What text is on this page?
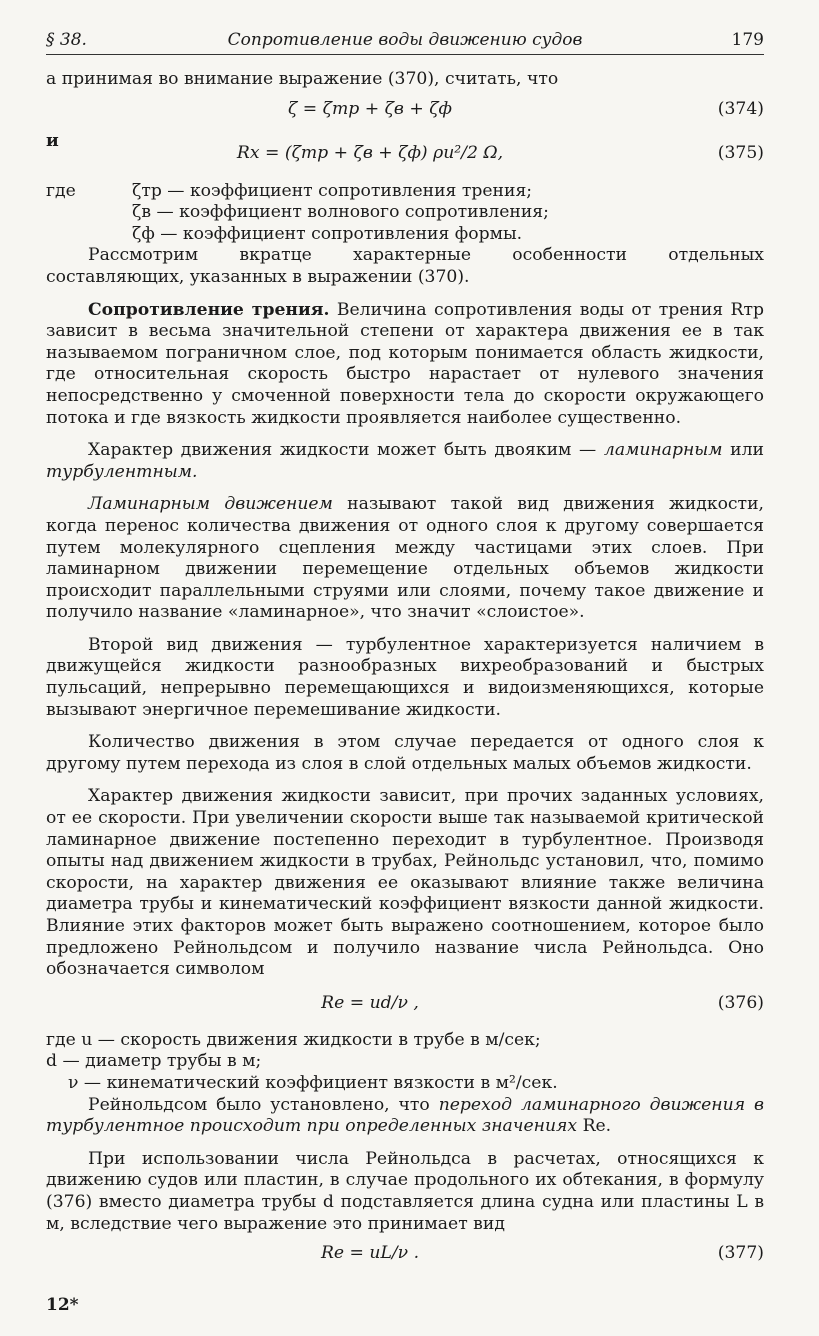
§ 38.	Сопротивление воды движению судов	179

а принимая во внимание выражение (370), считать, что

ζ = ζтр + ζв + ζф	(374)
и
Rx = (ζтр + ζв + ζф) ρu²/2 Ω,	(375)
где	ζтр — коэффициент сопротивления трения;
ζв — коэффициент волнового сопротивления;
ζф — коэффициент сопротивления формы.

Рассмотрим вкратце характерные особенности отдельных составляющих, указанных в выражении (370).

Сопротивление трения. Величина сопротивления воды от трения Rтр зависит в весьма значительной степени от характера движения ее в так называемом пограничном слое, под которым понимается область жидкости, где относительная скорость быстро нарастает от нулевого значения непосредственно у смоченной поверхности тела до скорости окружающего потока и где вязкость жидкости проявляется наиболее существенно.

Характер движения жидкости может быть двояким — ламинарным или турбулентным.

Ламинарным движением называют такой вид движения жидкости, когда перенос количества движения от одного слоя к другому совершается путем молекулярного сцепления между частицами этих слоев. При ламинарном движении перемещение отдельных объемов жидкости происходит параллельными струями или слоями, почему такое движение и получило название «ламинарное», что значит «слоистое».

Второй вид движения — турбулентное характеризуется наличием в движущейся жидкости разнообразных вихреобразований и быстрых пульсаций, непрерывно перемещающихся и видоизменяющихся, которые вызывают энергичное перемешивание жидкости.

Количество движения в этом случае передается от одного слоя к другому путем перехода из слоя в слой отдельных малых объемов жидкости.

Характер движения жидкости зависит, при прочих заданных условиях, от ее скорости. При увеличении скорости выше так называемой критической ламинарное движение постепенно переходит в турбулентное. Производя опыты над движением жидкости в трубах, Рейнольдс установил, что, помимо скорости, на характер движения ее оказывают влияние также величина диаметра трубы и кинематический коэффициент вязкости данной жидкости. Влияние этих факторов может быть выражено соотношением, которое было предложено Рейнольдсом и получило название числа Рейнольдса. Оно обозначается символом

Re = ud/ν ,	(376)

где u — скорость движения жидкости в трубе в м/сек;

d — диаметр трубы в м;

ν — кинематический коэффициент вязкости в м²/сек.

Рейнольдсом было установлено, что переход ламинарного движения в турбулентное происходит при определенных значениях Re.

При использовании числа Рейнольдса в расчетах, относящихся к движению судов или пластин, в случае продольного их обтекания, в формулу (376) вместо диаметра трубы d подставляется длина судна или пластины L в м, вследствие чего выражение это принимает вид

Re = uL/ν .	(377)
12*
